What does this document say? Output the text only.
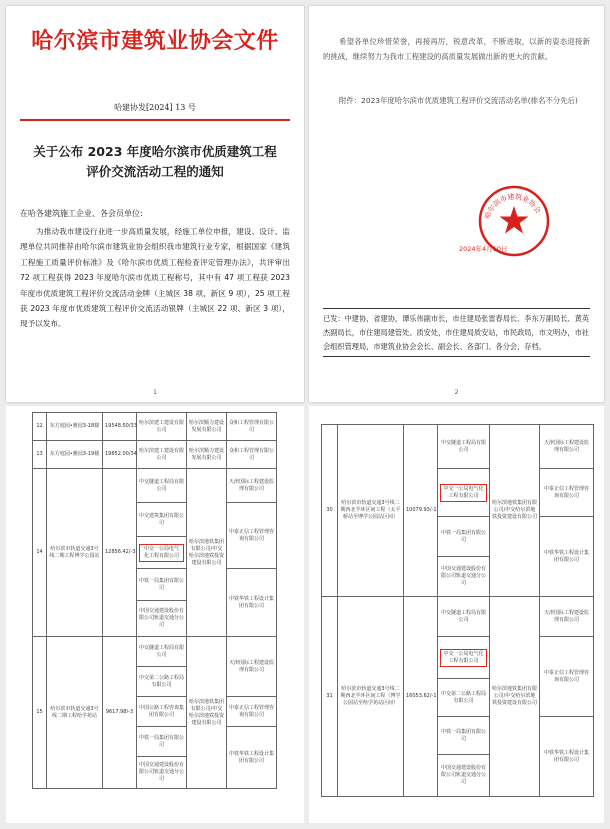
哈尔滨市建筑业协会文件
哈建协发[2024] 13 号
关于公布 2023 年度哈尔滨市优质建筑工程
评价交流活动工程的通知
在哈各建筑施工企业、各会员单位:
为推动我市建设行业进一步高质量发展，经施工单位申报，建设、设计、监理单位共同推荐由哈尔滨市建筑业协会组织我市建筑行业专家，根据国家《建筑工程施工质量评价标准》及《哈尔滨市优质工程检查评定管理办法》，共评审出 72 项工程获得 2023 年度哈尔滨市优质工程称号，其中有 47 项工程获 2023 年度市优质建筑工程评价交流活动金牌（主城区 38 项、新区 9 项），25 项工程获 2023 年度市优质建筑工程评价交流活动银牌（主城区 22 项、新区 3 项），现予以发布。
1
希望各单位珍惜荣誉，再接再厉，锐意改革，不断进取，以新的姿态迎接新的挑战，继续努力为我市工程建设的高质量发展做出新的更大的贡献。
附件：2023年度哈尔滨市优质建筑工程评价交流活动名单(排名不分先后)
哈尔滨市建筑业协会
2024年4月10日
已发：中建协，省建协，谭乐伟副市长，市住建局张雷春局长、李东万副局长、黄英杰副局长，市住建局建管处、质安处，市住建局质安站，市民政局，市文明办，市社会组织管理局，市建筑业协会会长、副会长、各部门、各分会，存档。
2
12	东方庭园•雅园3-18楼	19548.50/33	哈尔滨建工建设有限公司	哈尔滨顺力建设发展有限公司	众和工程管理有限公司
13	东方庭园•雅园3-19楼	19852.00/34	哈尔滨建工建设有限公司	哈尔滨顺力建设发展有限公司	众和工程管理有限公司
14	哈尔滨市轨道交通3号线二期工程博学公园站	12856.42/-3	中交隧道工程局有限公司	哈尔滨地铁集团有限公司/中交哈尔滨地铁投资建设有限公司	天津国际工程建设监理有限公司
			中交建筑集团有限公司		中泰正信工程管理咨询有限公司
			中交一公局电气化工程有限公司		
			中铁一局集团有限公司		中铁华铁工程设计集团有限公司
			中国交通建设股份有限公司轨道交通分公司		
15	哈尔滨市轨道交通3号线二期工程哈学苑站	9617.98/-3	中交隧道工程局有限公司	哈尔滨地铁集团有限公司/中交哈尔滨地铁投资建设有限公司	天津国际工程建设监理有限公司
			中交第二公路工程局有限公司		
			中国公路工程咨询集团有限公司		中泰正信工程管理咨询有限公司
			中铁一局集团有限公司		中铁华铁工程设计集团有限公司
			中国交通建设股份有限公司轨道交通分公司		
30	哈尔滨市轨道交通3号线二期西北半环区间工程（太平桥站至博学公园站区间）	10079.93/-1	中交隧道工程局有限公司	哈尔滨地铁集团有限公司/中交哈尔滨地铁投资建设有限公司	天津国际工程建设监理有限公司
			中交一公局电气化工程有限公司		中泰正信工程管理咨询有限公司
			中铁一局集团有限公司		中铁华铁工程设计集团有限公司
			中国交通建设股份有限公司轨道交通分公司		
31	哈尔滨市轨道交通3号线二期西北半环区间工程（博学公园站至哈学苑站区间）	16053.62/-1	中交隧道工程局有限公司	哈尔滨地铁集团有限公司/中交哈尔滨地铁投资建设有限公司	天津国际工程建设监理有限公司
			中交一公局电气化工程有限公司		中泰正信工程管理咨询有限公司
			中交第二公路工程局有限公司		
			中铁一局集团有限公司		中铁华铁工程设计集团有限公司
			中国交通建设股份有限公司轨道交通分公司		
